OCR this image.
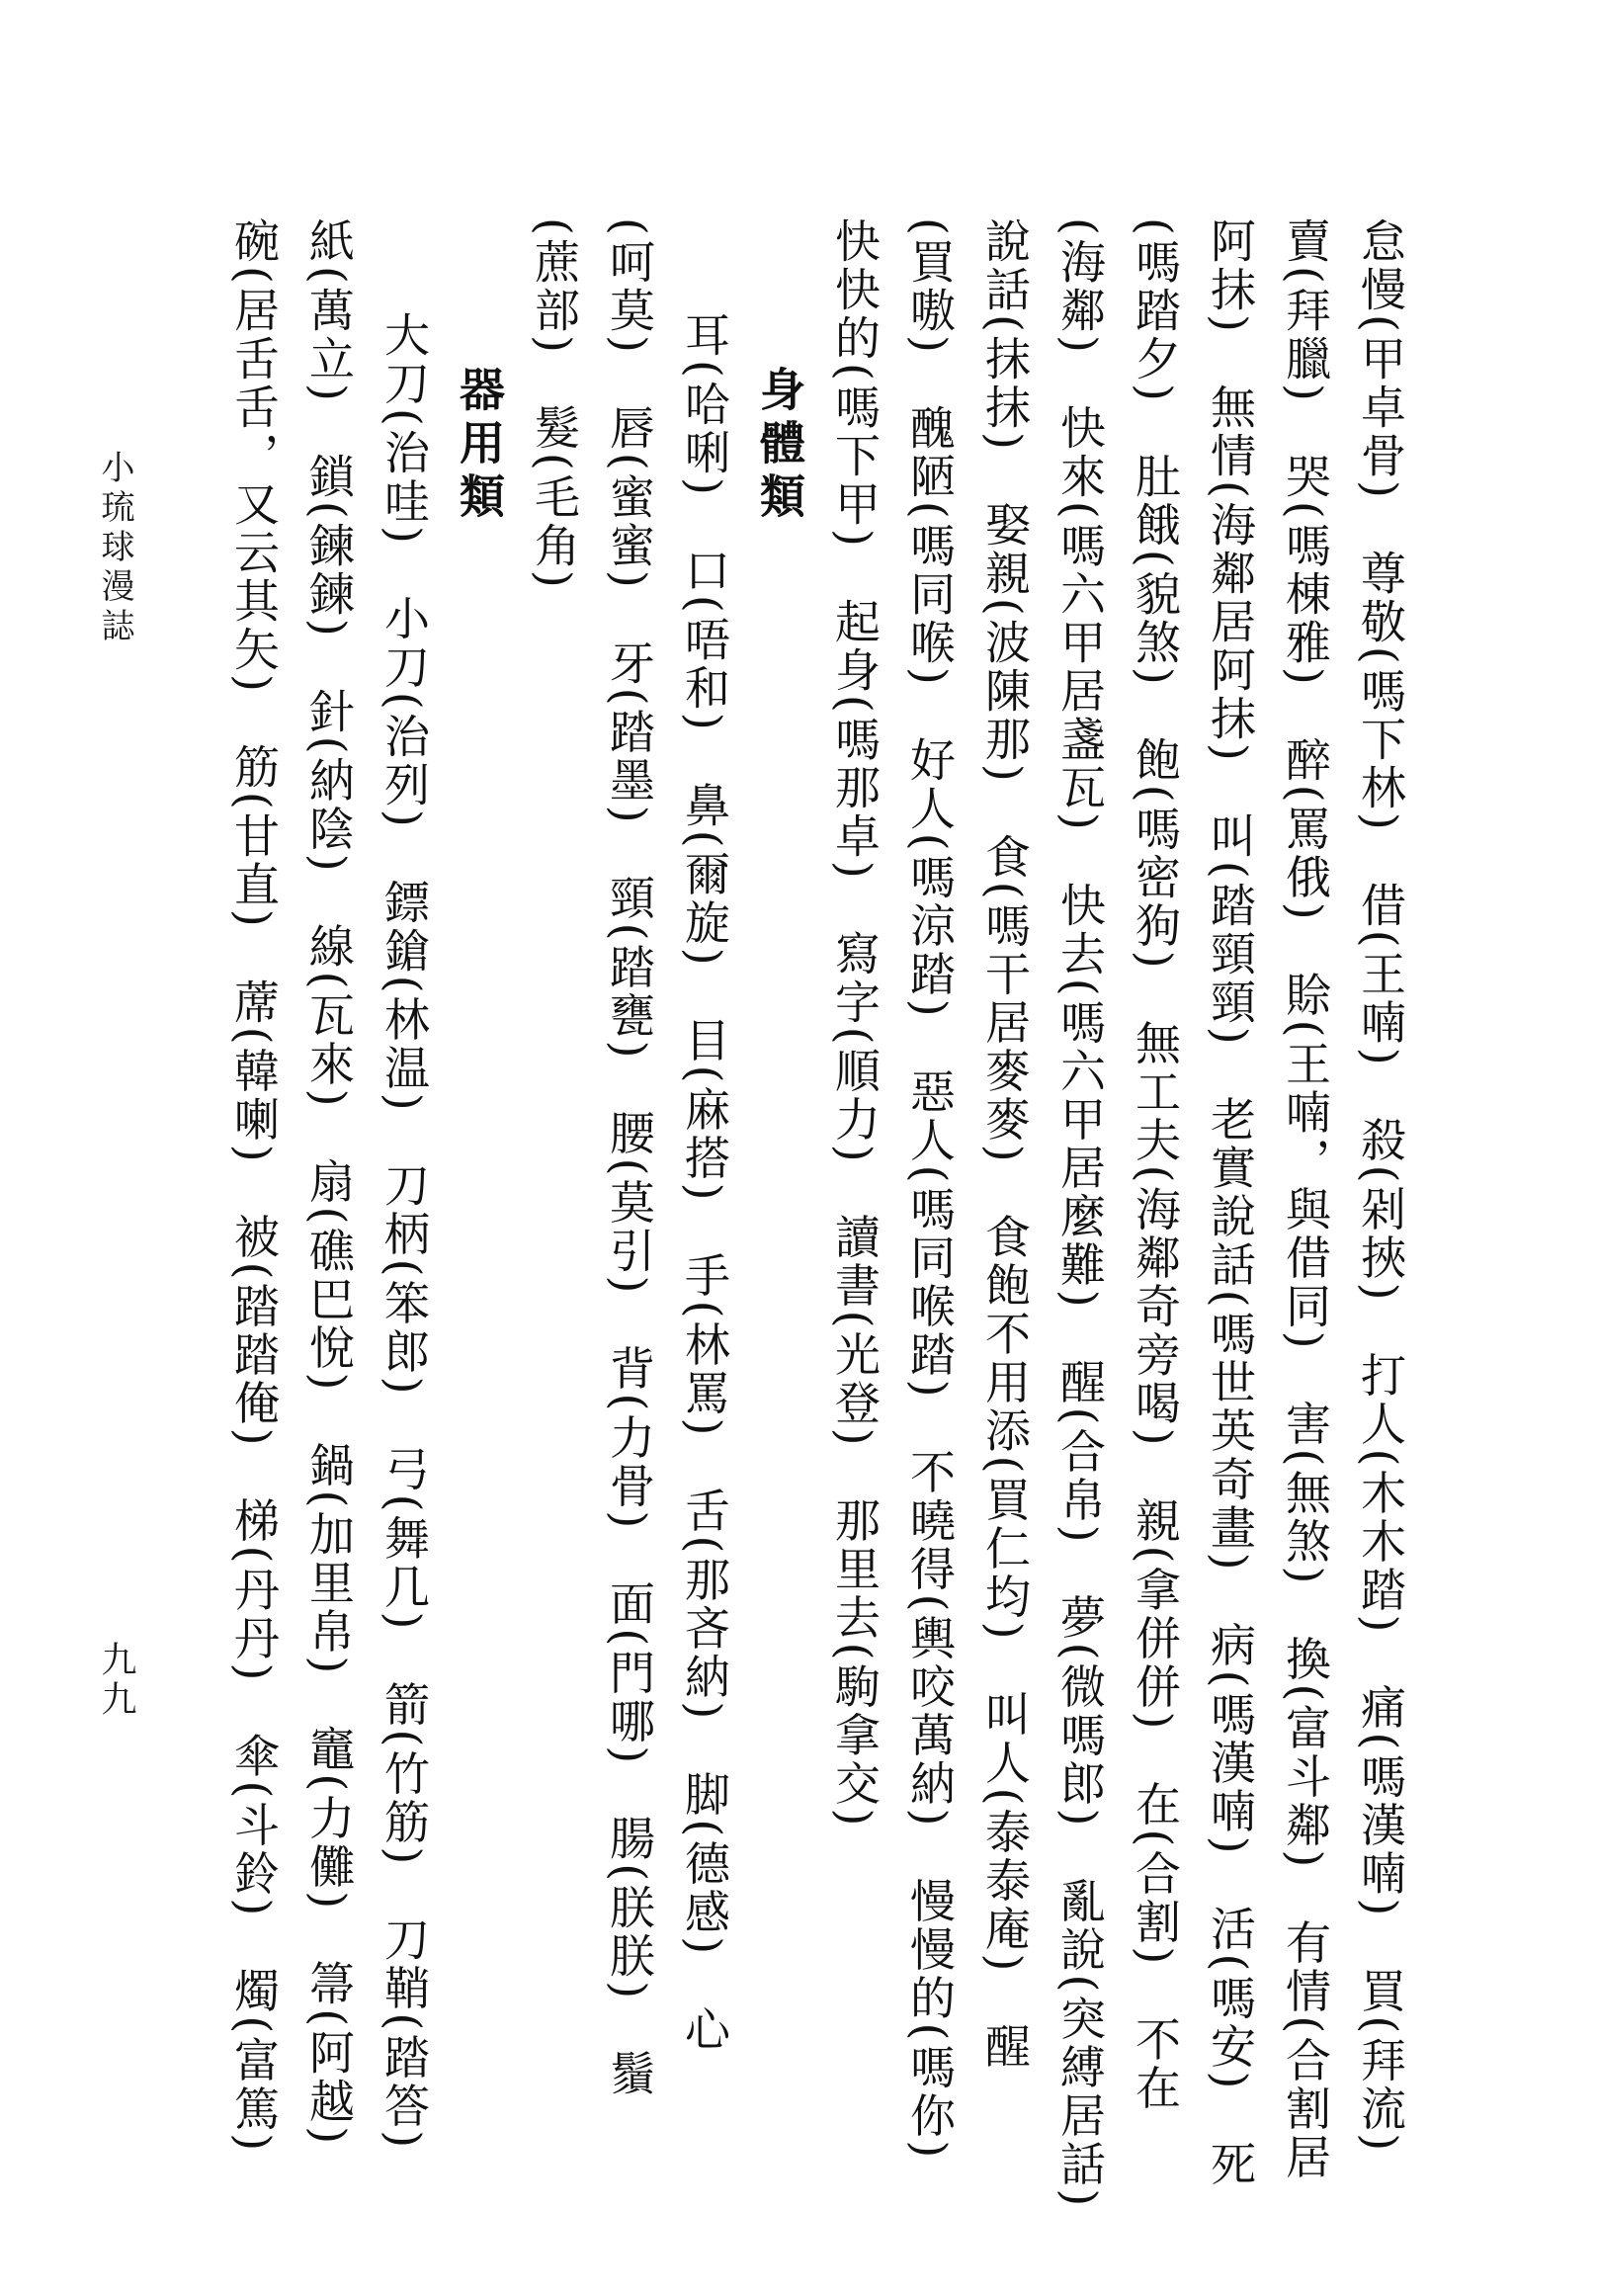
小琉球漫誌
九九	怠慢(甲卓骨)　尊敬(嗎下林)　借(王喃)　殺(剁挾)　打人(木木踏)　痛(嗎漢喃)　買(拜流)
賣(拜臘)　哭(嗎棟雅)　醉(罵俄)　賒(王喃，與借同)　害(無煞)　換(富斗鄰)　有情(合割居
阿抹)　無情(海鄰居阿抹)　叫(踏頸頸)　老實說話(嗎世英奇畫)　病(嗎漢喃)　活(嗎安)　死
(嗎踏夕)　肚餓(貌煞)　飽(嗎密狗)　無工夫(海鄰奇旁喝)　親(拿併併)　在(合割)　不在
(海鄰)　快來(嗎六甲居盞瓦)　快去(嗎六甲居麼難)　醒(合帛)　夢(微嗎郎)　亂說(突縛居話)
說話(抹抹)　娶親(波陳那)　食(嗎干居麥麥)　食飽不用添(買仁均)　叫人(泰泰庵)　醒
(買嗷)　醜陋(嗎同喉)　好人(嗎涼踏)　惡人(嗎同喉踏)　不曉得(輿咬萬納)　慢慢的(嗎你)
快快的(嗎下甲)　起身(嗎那卓)　寫字(順力)　讀書(光登)　那里去(駒拿交)
身體類
耳(哈唎)　口(唔和)　鼻(爾旋)　目(麻搭)　手(林罵)　舌(那吝納)　脚(德感)　心
(呵莫)　唇(蜜蜜)　牙(踏墨)　頸(踏甕)　腰(莫引)　背(力骨)　面(門哪)　腸(朕朕)　鬚
(蔗部)　髮(毛角)
器用類
大刀(治哇)　小刀(治列)　鏢鎗(林温)　刀柄(笨郎)　弓(舞几)　箭(竹筋)　刀鞘(踏答)
紙(萬立)　鎖(鍊鍊)　針(納陰)　線(瓦來)　扇(礁巴悅)　鍋(加里帛)　竈(力儺)　箒(阿越)
碗(居舌舌，又云其矢)　筋(甘直)　蓆(韓喇)　被(踏踏俺)　梯(丹丹)　傘(斗鈴)　燭(富篤)
